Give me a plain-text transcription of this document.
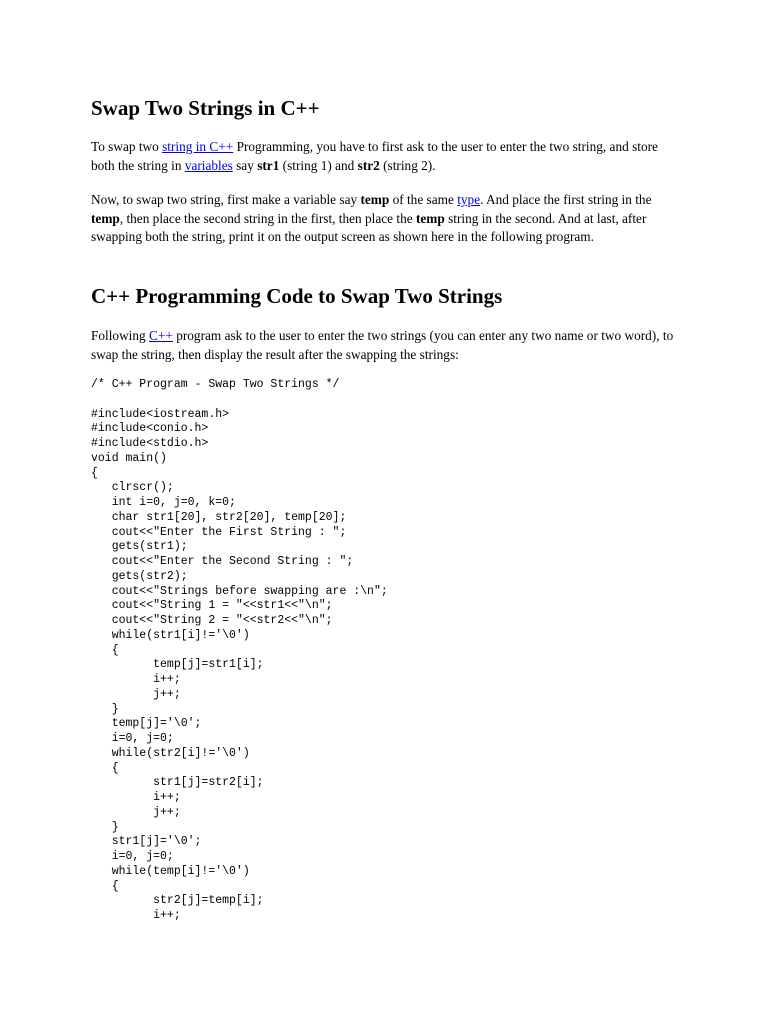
Swap Two Strings in C++

To swap two string in C++ Programming, you have to first ask to the user to enter the two string, and store both the string in variables say str1 (string 1) and str2 (string 2).

Now, to swap two string, first make a variable say temp of the same type. And place the first string in the temp, then place the second string in the first, then place the temp string in the second. And at last, after swapping both the string, print it on the output screen as shown here in the following program.

C++ Programming Code to Swap Two Strings

Following C++ program ask to the user to enter the two strings (you can enter any two name or two word), to swap the string, then display the result after the swapping the strings:

/* C++ Program - Swap Two Strings */
#include<iostream.h>
#include<conio.h>
#include<stdio.h>
void main()
{
clrscr();
int i=0, j=0, k=0;
char str1[20], str2[20], temp[20];
cout<<"Enter the First String : ";
gets(str1);
cout<<"Enter the Second String : ";
gets(str2);
cout<<"Strings before swapping are :\n";
cout<<"String 1 = "<<str1<<"\n";
cout<<"String 2 = "<<str2<<"\n";
while(str1[i]!='\0')
{
temp[j]=str1[i];
i++;
j++;
}
temp[j]='\0';
i=0, j=0;
while(str2[i]!='\0')
{
str1[j]=str2[i];
i++;
j++;
}
str1[j]='\0';
i=0, j=0;
while(temp[i]!='\0')
{
str2[j]=temp[i];
i++;
